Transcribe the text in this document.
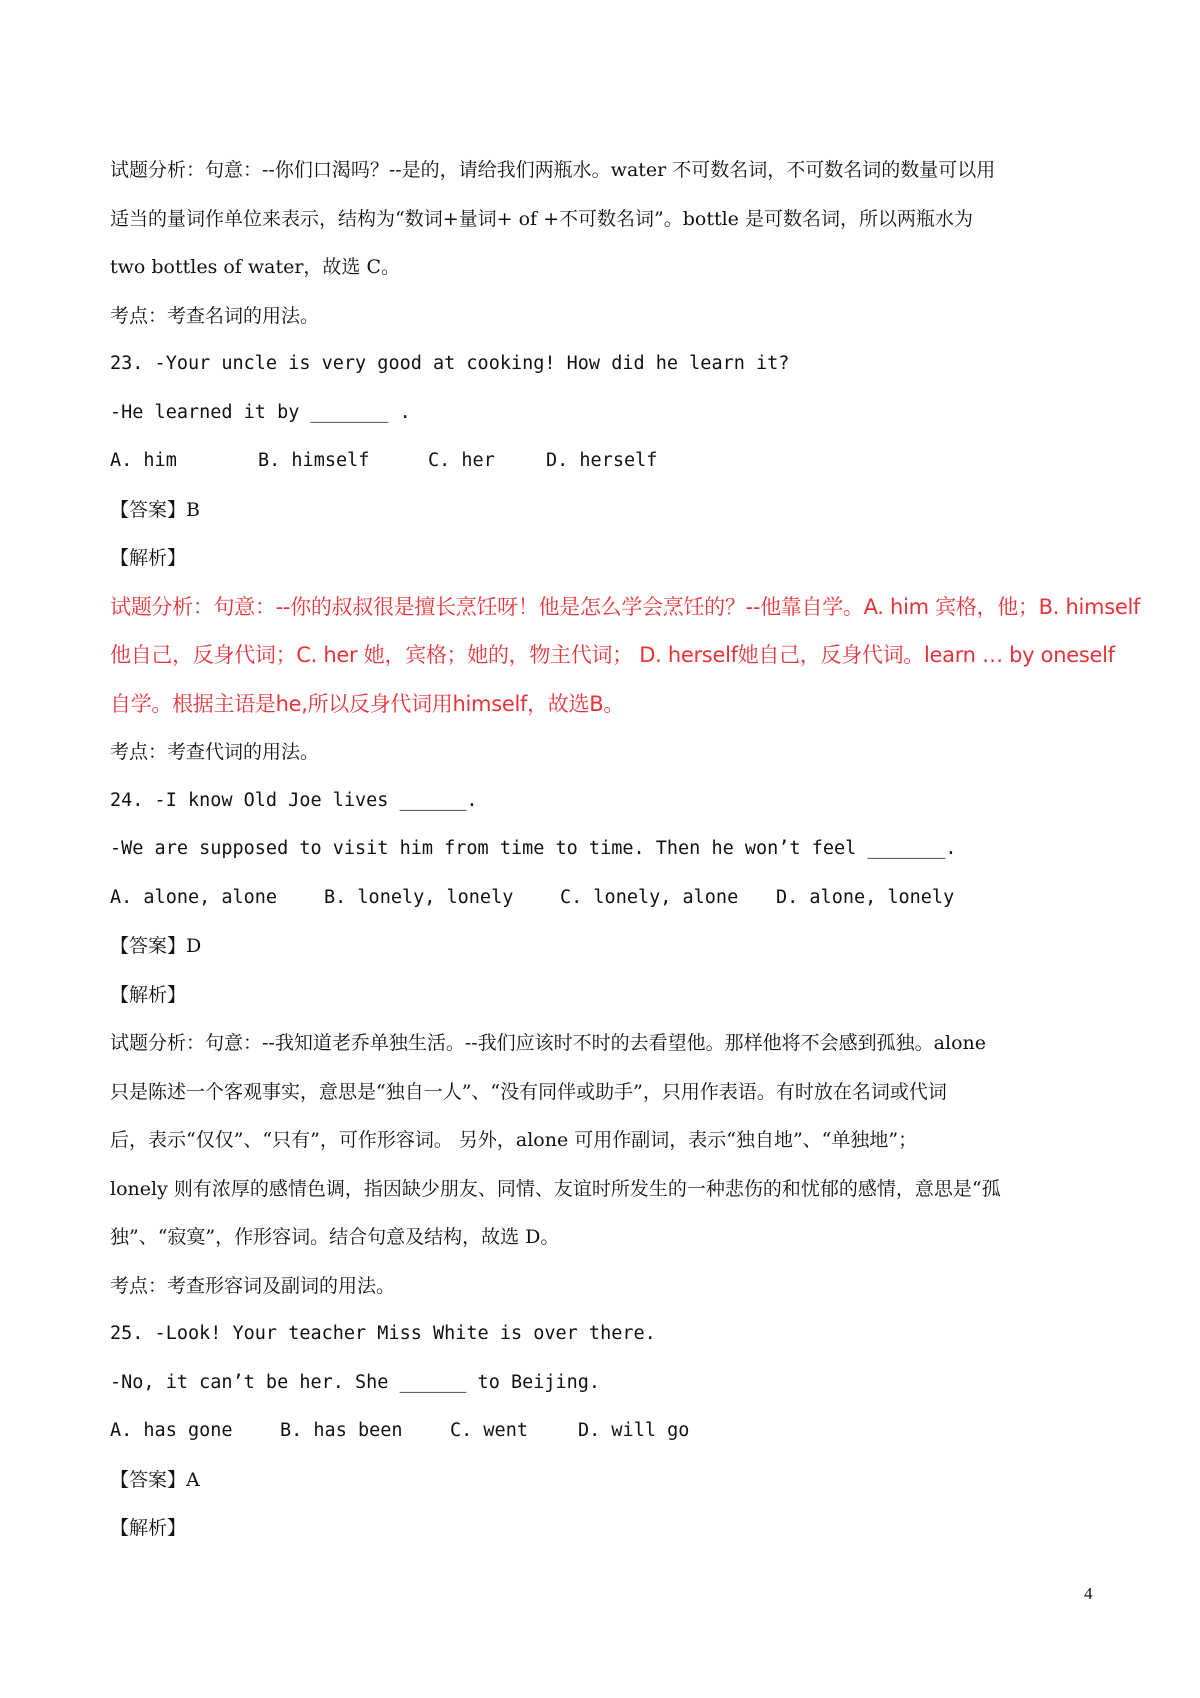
试题分析：句意：--你们口渴吗？--是的，请给我们两瓶水。water 不可数名词，不可数名词的数量可以用
适当的量词作单位来表示，结构为“数词+量词+ of +不可数名词”。bottle 是可数名词，所以两瓶水为
two bottles of water，故选 C。
考点：考查名词的用法。
23. -Your uncle is very good at cooking! How did he learn it?
-He learned it by _______ .
A. him	B. himself	C. her	D. herself
【答案】B
【解析】
试题分析：句意：--你的叔叔很是擅长烹饪呀！他是怎么学会烹饪的？--他靠自学。A. him 宾格，他；B. himself
他自己，反身代词；C. her 她，宾格；她的，物主代词； D. herself她自己，反身代词。learn … by oneself
自学。根据主语是he,所以反身代词用himself，故选B。
考点：考查代词的用法。
24. -I know Old Joe lives ______.
-We are supposed to visit him from time to time. Then he won’t feel _______.
A. alone, alone	B. lonely, lonely	C. lonely, alone D. alone, lonely
【答案】D
【解析】
试题分析：句意：--我知道老乔单独生活。--我们应该时不时的去看望他。那样他将不会感到孤独。alone
只是陈述一个客观事实，意思是“独自一人”、“没有同伴或助手”，只用作表语。有时放在名词或代词
后，表示“仅仅”、“只有”，可作形容词。 另外，alone 可用作副词，表示“独自地”、“单独地”；
lonely 则有浓厚的感情色调，指因缺少朋友、同情、友谊时所发生的一种悲伤的和忧郁的感情，意思是“孤
独”、“寂寞”，作形容词。结合句意及结构，故选 D。
考点：考查形容词及副词的用法。
25. -Look! Your teacher Miss White is over there.
-No, it can’t be her. She ______ to Beijing.
A. has gone	B. has been	C. went	D. will go
【答案】A
【解析】
4
